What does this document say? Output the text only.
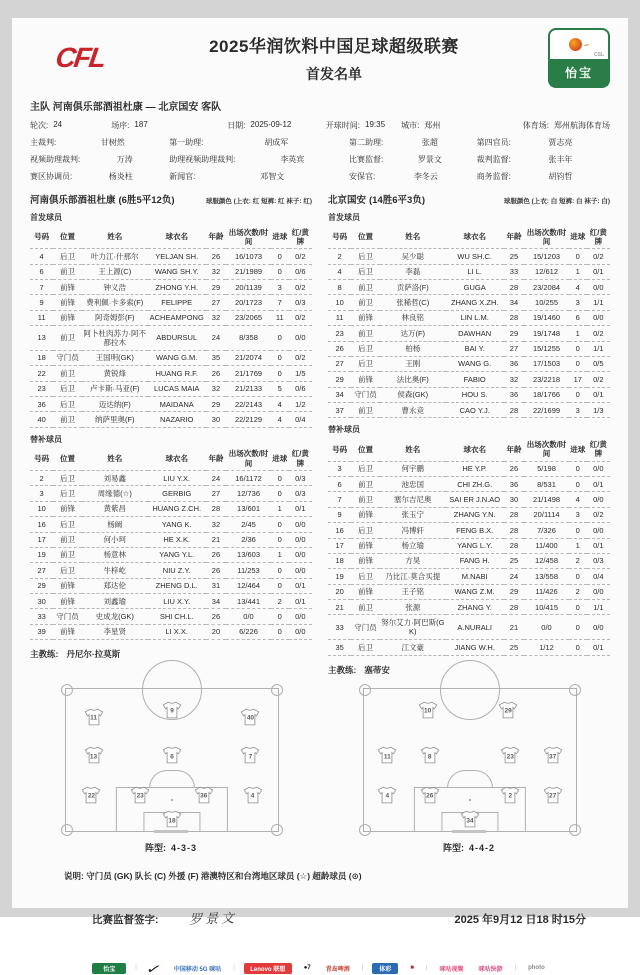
CFL	2025华润饮料中国足球超级联赛
首发名单
~
CSL
怡宝
主队 河南俱乐部酒祖杜康 — 北京国安 客队
轮次: 24	场序: 187	日期: 2025-09-12	开球时间: 19:35 城市: 郑州	体育场: 郑州航海体育场
主裁判:	甘树然	第一助理:	胡成军	第二助理:	张超	第四官员:	贾志亮
视频助理裁判:	万涛	助理视频助理裁判:	李英宾	比赛监督:	罗景文	裁判监督:	张丰年
赛区协调员:	杨炎柱	新闻官:	邓智文	安保官:	李冬云	商务监督:	胡钧哲
河南俱乐部酒祖杜康 (6胜5平12负)	球服颜色 (上衣: 红 短裤: 红 袜子: 红)
首发球员
号码	位置	姓名	球衣名	年龄	出场次数/时间	进球	红/黄牌
4	后卫	叶力江·什那尔	YELJAN SH.	26	16/1073	0	0/2
6	前卫	王上源(C)	WANG SH.Y.	32	21/1989	0	0/6
7	前锋	钟义浩	ZHONG Y.H.	29	20/1139	3	0/2
9	前锋	费利佩·卡多索(F)	FELIPPE	27	20/1723	7	0/3
11	前锋	阿奇姆彭(F)	ACHEAMPONG	32	23/2065	11	0/2
13	前卫	阿卜杜肉苏力·阿不都拉木	ABDURSUL	24	8/358	0	0/0
18	守门员	王国明(GK)	WANG G.M.	35	21/2074	0	0/2
22	前卫	黄锐烽	HUANG R.F.	26	21/1769	0	1/5
23	后卫	卢卡斯·马亚(F)	LUCAS MAIA	32	21/2133	5	0/6
36	后卫	迈达纳(F)	MAIDANA	29	22/2143	4	1/2
40	前卫	纳萨里奥(F)	NAZARIO	30	22/2129	4	0/4
替补球员
号码	位置	姓名	球衣名	年龄	出场次数/时间	进球	红/黄牌
2	后卫	刘易鑫	LIU Y.X.	24	16/1172	0	0/3
3	后卫	周缘德(☆)	GERBIG	27	12/736	0	0/3
10	前锋	黄紫昌	HUANG Z.CH.	28	13/601	1	0/1
16	后卫	杨阚	YANG K.	32	2/45	0	0/0
17	前卫	何小珂	HE X.K.	21	2/36	0	0/0
19	前卫	杨意林	YANG Y.L.	26	13/603	1	0/0
27	后卫	牛梓屹	NIU Z.Y.	26	11/253	0	0/0
29	前锋	郑达伦	ZHENG D.L.	31	12/464	0	0/1
30	前锋	刘鑫瑜	LIU X.Y.	34	13/441	2	0/1
33	守门员	史成龙(GK)	SHI CH.L.	26	0/0	0	0/0
39	前锋	李星贤	LI X.X.	20	6/226	0	0/0
主教练: 丹尼尔·拉莫斯
北京国安 (14胜6平3负)	球服颜色 (上衣: 白 短裤: 白 袜子: 白)
首发球员
号码	位置	姓名	球衣名	年龄	出场次数/时间	进球	红/黄牌
2	后卫	吴少聪	WU SH.C.	25	15/1203	0	0/2
4	后卫	李磊	LI L.	33	12/612	1	0/1
8	前卫	贡萨洛(F)	GUGA	28	23/2084	4	0/0
10	前卫	张稀哲(C)	ZHANG X.ZH.	34	10/255	3	1/1
11	前锋	林良铭	LIN L.M.	28	19/1460	6	0/0
23	前卫	达万(F)	DAWHAN	29	19/1748	1	0/2
26	后卫	柏杨	BAI Y.	27	15/1255	0	1/1
27	后卫	王刚	WANG G.	36	17/1503	0	0/5
29	前锋	法比奥(F)	FABIO	32	23/2218	17	0/2
34	守门员	侯森(GK)	HOU S.	36	18/1766	0	0/1
37	前卫	曹永竞	CAO Y.J.	28	22/1699	3	1/3
替补球员
号码	位置	姓名	球衣名	年龄	出场次数/时间	进球	红/黄牌
3	后卫	何宇鹏	HE Y.P.	26	5/198	0	0/0
6	前卫	池忠国	CHI ZH.G.	36	8/531	0	0/1
7	前卫	塞尔吉尼奥	SAI ER J.N.AO	30	21/1498	4	0/0
9	前锋	张玉宁	ZHANG Y.N.	28	20/1114	3	0/2
16	后卫	冯博轩	FENG B.X.	28	7/326	0	0/0
17	前锋	杨立瑜	YANG L.Y.	28	11/400	1	0/1
18	前锋	方昊	FANG H.	25	12/458	2	0/3
19	后卫	乃比江·莫合买提	M.NABI	24	13/558	0	0/4
20	前锋	王子铭	WANG Z.M.	29	11/426	2	0/0
21	前卫	张源	ZHANG Y.	28	10/415	0	1/1
33	守门员	努尔艾力·阿巴斯(GK)	A.NURALI	21	0/0	0	0/0
35	后卫	江文豪	JIANG W.H.	25	1/12	0	0/1
主教练: 塞蒂安
11
9
40
13	6	7
22	23	36	4
18
阵型: 4-3-3
10	29
11	8	23	37
4	26	2	27
34
阵型: 4-4-2
说明: 守门员 (GK) 队长 (C) 外援 (F) 港澳特区和台湾地区球员 (☆) 超龄球员 (⊙)
比赛监督签字: 罗景文	2025 年9月12 日18 时15分
怡宝	| ✓	中国移动 5G 咪咕	|	Lenovo 联想	●7	青岛啤酒	|	体彩	■	|	咪咕视频	咪咕快游	|	photo
